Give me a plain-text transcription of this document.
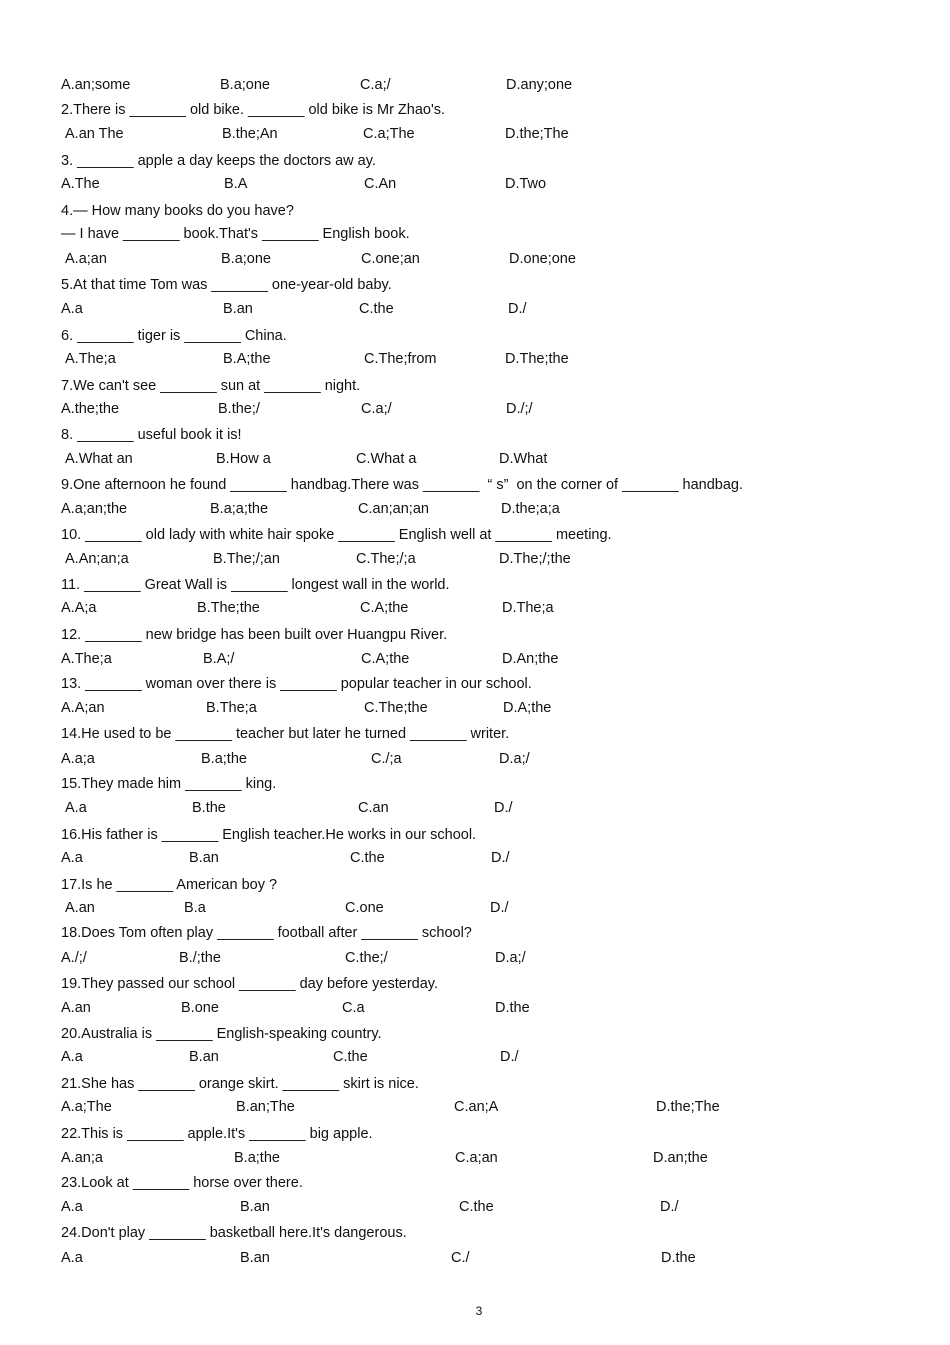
A.an;some	B.a;one	C.a;/	D.any;one
2.There is _______ old bike. _______ old bike is Mr Zhao's.
A.an The	B.the;An	C.a;The	D.the;The
3. _______ apple a day keeps the doctors aw ay.
A.The	B.A	C.An	D.Two
4.— How many books do you have?
— I have _______ book.That's _______ English book.
A.a;an	B.a;one	C.one;an	D.one;one
5.At that time Tom was _______ one-year-old baby.
A.a	B.an	C.the	D./
6. _______ tiger is _______ China.
A.The;a	B.A;the	C.The;from	D.The;the
7.We can't see _______ sun at _______ night.
A.the;the	B.the;/	C.a;/	D./;/
8. _______ useful book it is!
A.What an	B.How a	C.What a	D.What
9.One afternoon he found _______ handbag.There was _______  “ s”  on the corner of _______ handbag.
A.a;an;the	B.a;a;the	C.an;an;an	D.the;a;a
10. _______ old lady with white hair spoke _______ English well at _______ meeting.
A.An;an;a	B.The;/;an	C.The;/;a	D.The;/;the
11. _______ Great Wall is _______ longest wall in the world.
A.A;a	B.The;the	C.A;the	D.The;a
12. _______ new bridge has been built over Huangpu River.
A.The;a	B.A;/	C.A;the	D.An;the
13. _______ woman over there is _______ popular teacher in our school.
A.A;an	B.The;a	C.The;the	D.A;the
14.He used to be _______ teacher but later he turned _______ writer.
A.a;a	B.a;the	C./;a	D.a;/
15.They made him _______ king.
A.a	B.the	C.an	D./
16.His father is _______ English teacher.He works in our school.
A.a	B.an	C.the	D./
17.Is he _______ American boy ?
A.an	B.a	C.one	D./
18.Does Tom often play _______ football after _______ school?
A./;/	B./;the	C.the;/	D.a;/
19.They passed our school _______ day before yesterday.
A.an	B.one	C.a	D.the
20.Australia is _______ English-speaking country.
A.a	B.an	C.the	D./
21.She has _______ orange skirt. _______ skirt is nice.
A.a;The	B.an;The	C.an;A	D.the;The
22.This is _______ apple.It's _______ big apple.
A.an;a	B.a;the	C.a;an	D.an;the
23.Look at _______ horse over there.
A.a	B.an	C.the	D./
24.Don't play _______ basketball here.It's dangerous.
A.a	B.an	C./	D.the
3
